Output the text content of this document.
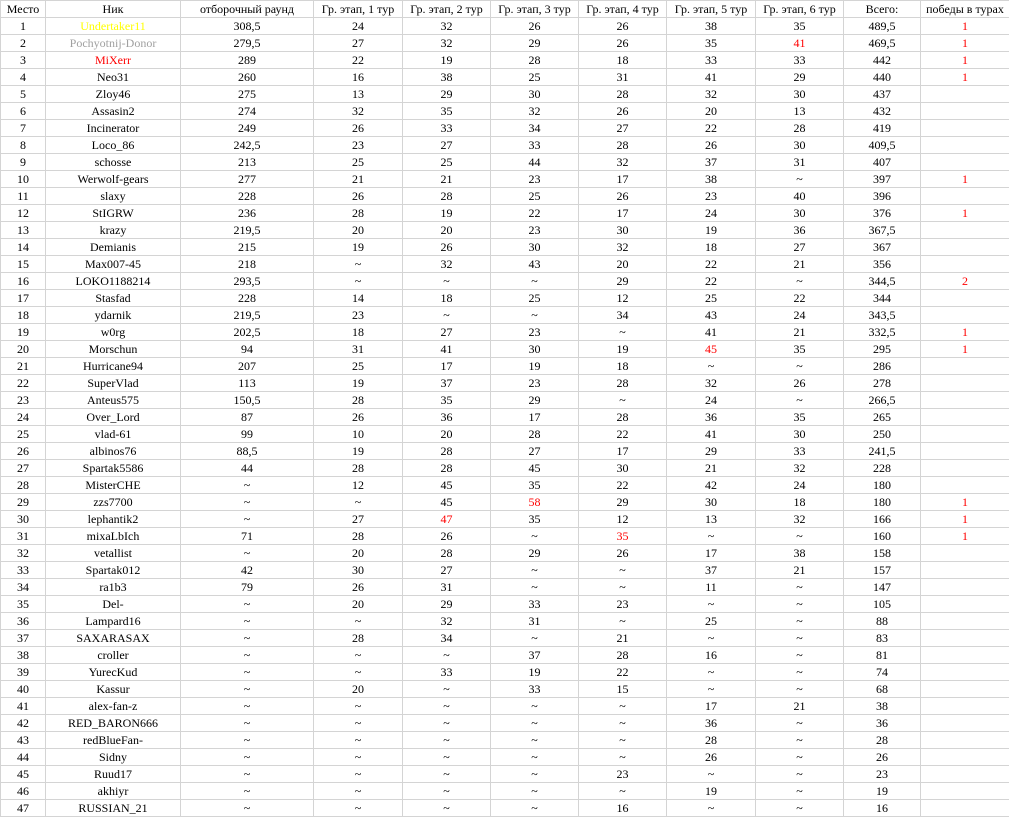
Место	Ник	отборочный раунд	Гр. этап, 1 тур	Гр. этап, 2 тур	Гр. этап, 3 тур	Гр. этап, 4 тур	Гр. этап, 5 тур	Гр. этап, 6 тур	Всего:	победы в турах
1	Undertaker11	308,5	24	32	26	26	38	35	489,5	1
2	Pochyotnij-Donor	279,5	27	32	29	26	35	41	469,5	1
3	MiXerr	289	22	19	28	18	33	33	442	1
4	Neo31	260	16	38	25	31	41	29	440	1
5	Zloy46	275	13	29	30	28	32	30	437	
6	Assasin2	274	32	35	32	26	20	13	432	
7	Incinerator	249	26	33	34	27	22	28	419	
8	Loco_86	242,5	23	27	33	28	26	30	409,5	
9	schosse	213	25	25	44	32	37	31	407	
10	Werwolf-gears	277	21	21	23	17	38	~	397	1
11	slaxy	228	26	28	25	26	23	40	396	
12	StIGRW	236	28	19	22	17	24	30	376	1
13	krazy	219,5	20	20	23	30	19	36	367,5	
14	Demianis	215	19	26	30	32	18	27	367	
15	Max007-45	218	~	32	43	20	22	21	356	
16	LOKO1188214	293,5	~	~	~	29	22	~	344,5	2
17	Stasfad	228	14	18	25	12	25	22	344	
18	ydarnik	219,5	23	~	~	34	43	24	343,5	
19	w0rg	202,5	18	27	23	~	41	21	332,5	1
20	Morschun	94	31	41	30	19	45	35	295	1
21	Hurricane94	207	25	17	19	18	~	~	286	
22	SuperVlad	113	19	37	23	28	32	26	278	
23	Anteus575	150,5	28	35	29	~	24	~	266,5	
24	Over_Lord	87	26	36	17	28	36	35	265	
25	vlad-61	99	10	20	28	22	41	30	250	
26	albinos76	88,5	19	28	27	17	29	33	241,5	
27	Spartak5586	44	28	28	45	30	21	32	228	
28	MisterCHE	~	12	45	35	22	42	24	180	
29	zzs7700	~	~	45	58	29	30	18	180	1
30	lephantik2	~	27	47	35	12	13	32	166	1
31	mixaLbIch	71	28	26	~	35	~	~	160	1
32	vetallist	~	20	28	29	26	17	38	158	
33	Spartak012	42	30	27	~	~	37	21	157	
34	ra1b3	79	26	31	~	~	11	~	147	
35	Del-	~	20	29	33	23	~	~	105	
36	Lampard16	~	~	32	31	~	25	~	88	
37	SAXARASAX	~	28	34	~	21	~	~	83	
38	croller	~	~	~	37	28	16	~	81	
39	YurecKud	~	~	33	19	22	~	~	74	
40	Kassur	~	20	~	33	15	~	~	68	
41	alex-fan-z	~	~	~	~	~	17	21	38	
42	RED_BARON666	~	~	~	~	~	36	~	36	
43	redBlueFan-	~	~	~	~	~	28	~	28	
44	Sidny	~	~	~	~	~	26	~	26	
45	Ruud17	~	~	~	~	23	~	~	23	
46	akhiyr	~	~	~	~	~	19	~	19	
47	RUSSIAN_21	~	~	~	~	16	~	~	16	
